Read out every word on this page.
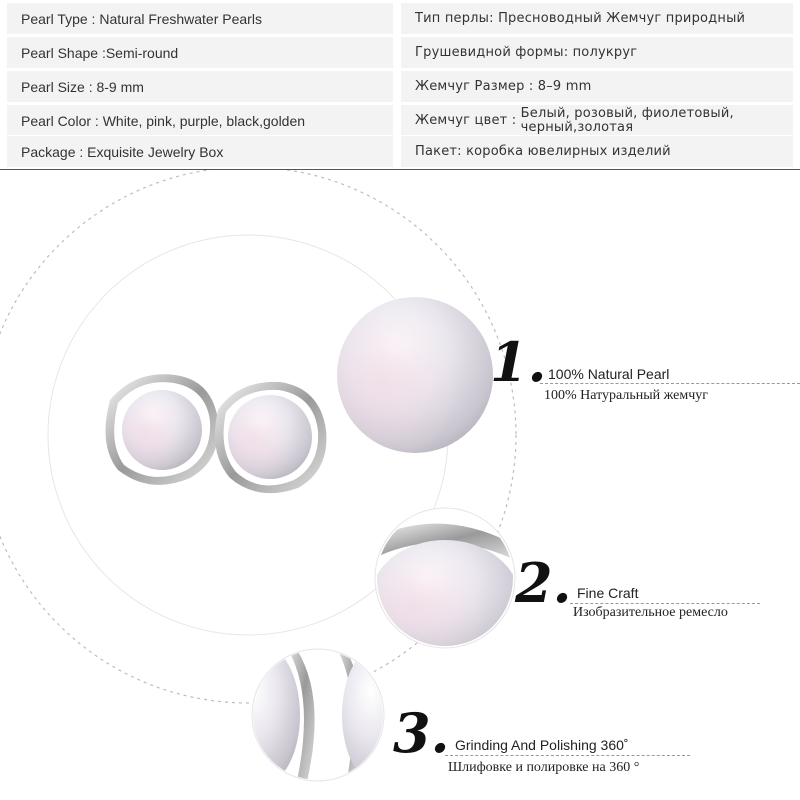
Pearl Type : Natural Freshwater Pearls	Тип перлы: Пресноводный Жемчуг природный
Pearl Shape :Semi-round	Грушевидной формы: полукруг
Pearl Size : 8-9 mm	Жемчуг Размер : 8–9 mm
Pearl Color : White, pink, purple, black,golden	Жемчуг цвет : Белый, розовый, фиолетовый,
черный,золотая
Package : Exquisite Jewelry Box	Пакет: коробка ювелирных изделий
1. 100% Natural Pearl
100% Натуральный жемчуг
2. Fine Craft
Изобразительное ремесло
3. Grinding And Polishing 360˚
Шлифовке и полировке на 360 °
